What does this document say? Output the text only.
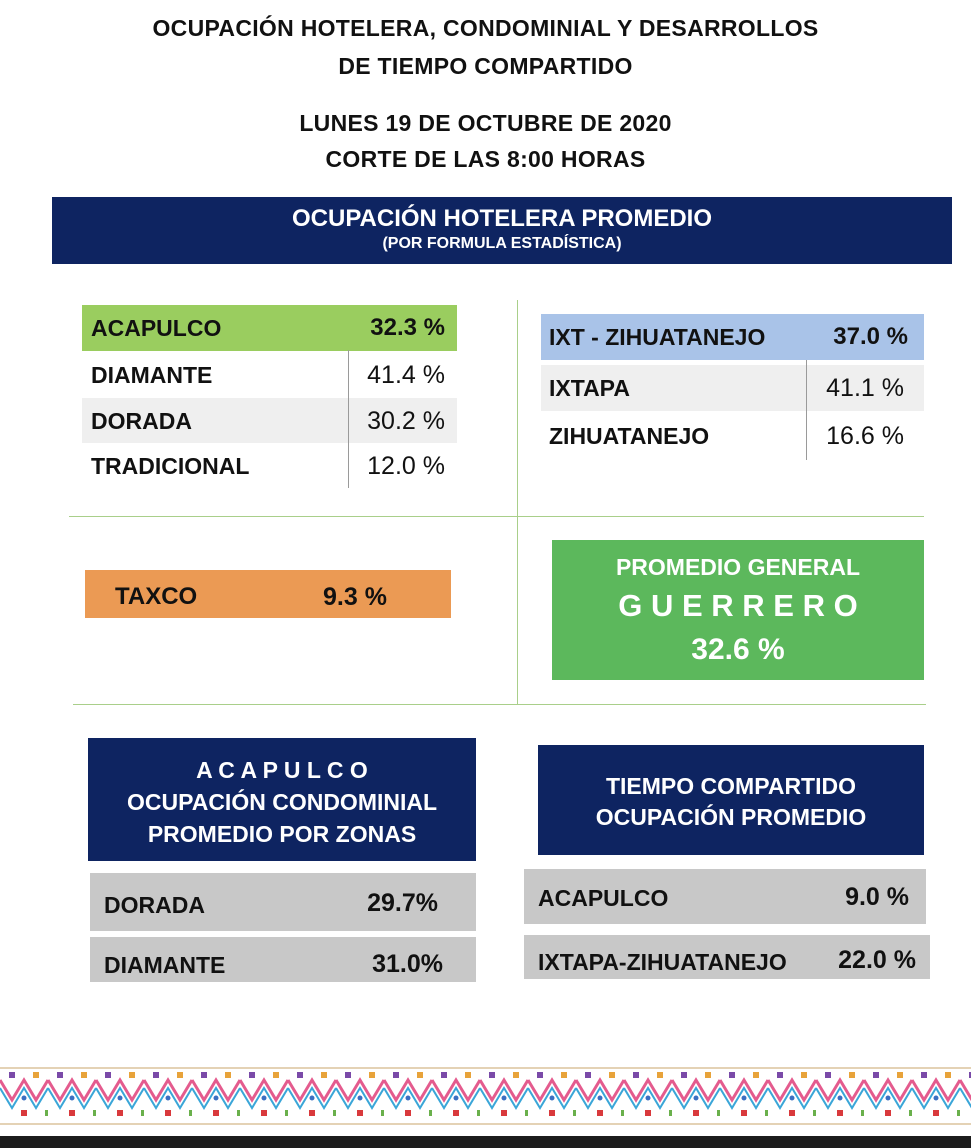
OCUPACIÓN HOTELERA, CONDOMINIAL Y DESARROLLOS
DE TIEMPO COMPARTIDO
LUNES 19 DE OCTUBRE DE 2020
CORTE DE LAS 8:00 HORAS
OCUPACIÓN HOTELERA PROMEDIO
(POR FORMULA ESTADÍSTICA)
ACAPULCO	32.3 %
DIAMANTE	41.4 %
DORADA	30.2 %
TRADICIONAL	12.0 %
IXT - ZIHUATANEJO	37.0 %
IXTAPA	41.1 %
ZIHUATANEJO	16.6 %
TAXCO	9.3 %
PROMEDIO GENERAL
G U E R R E R O
32.6 %
A C A P U L C O
OCUPACIÓN CONDOMINIAL
PROMEDIO POR ZONAS
DORADA	29.7%
DIAMANTE	31.0%
TIEMPO COMPARTIDO
OCUPACIÓN PROMEDIO
ACAPULCO	9.0 %
IXTAPA-ZIHUATANEJO 22.0 %
